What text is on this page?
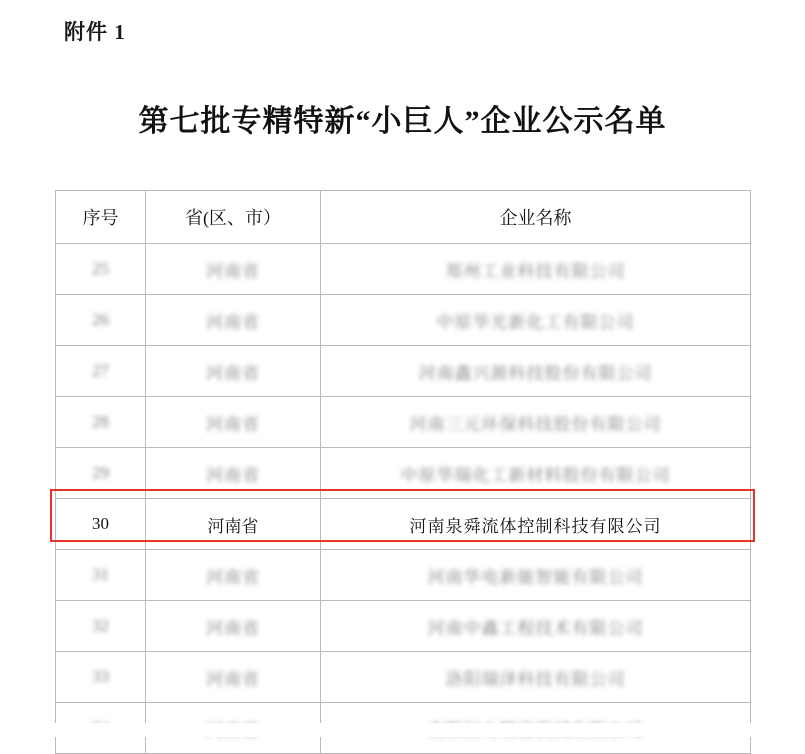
附件 1
第七批专精特新“小巨人”企业公示名单
序号	省(区、市）	企业名称
25	河南省	郑州工业科技有限公司
26	河南省	中原华光新化工有限公司
27	河南省	河南鑫兴源科技股份有限公司
28	河南省	河南三元环保科技股份有限公司
29	河南省	中原华瑞化工新材料股份有限公司
30	河南省	河南泉舜流体控制科技有限公司
31	河南省	河南华电新能智能有限公司
32	河南省	河南中鑫工程技术有限公司
33	河南省	洛阳瑞泽科技有限公司
